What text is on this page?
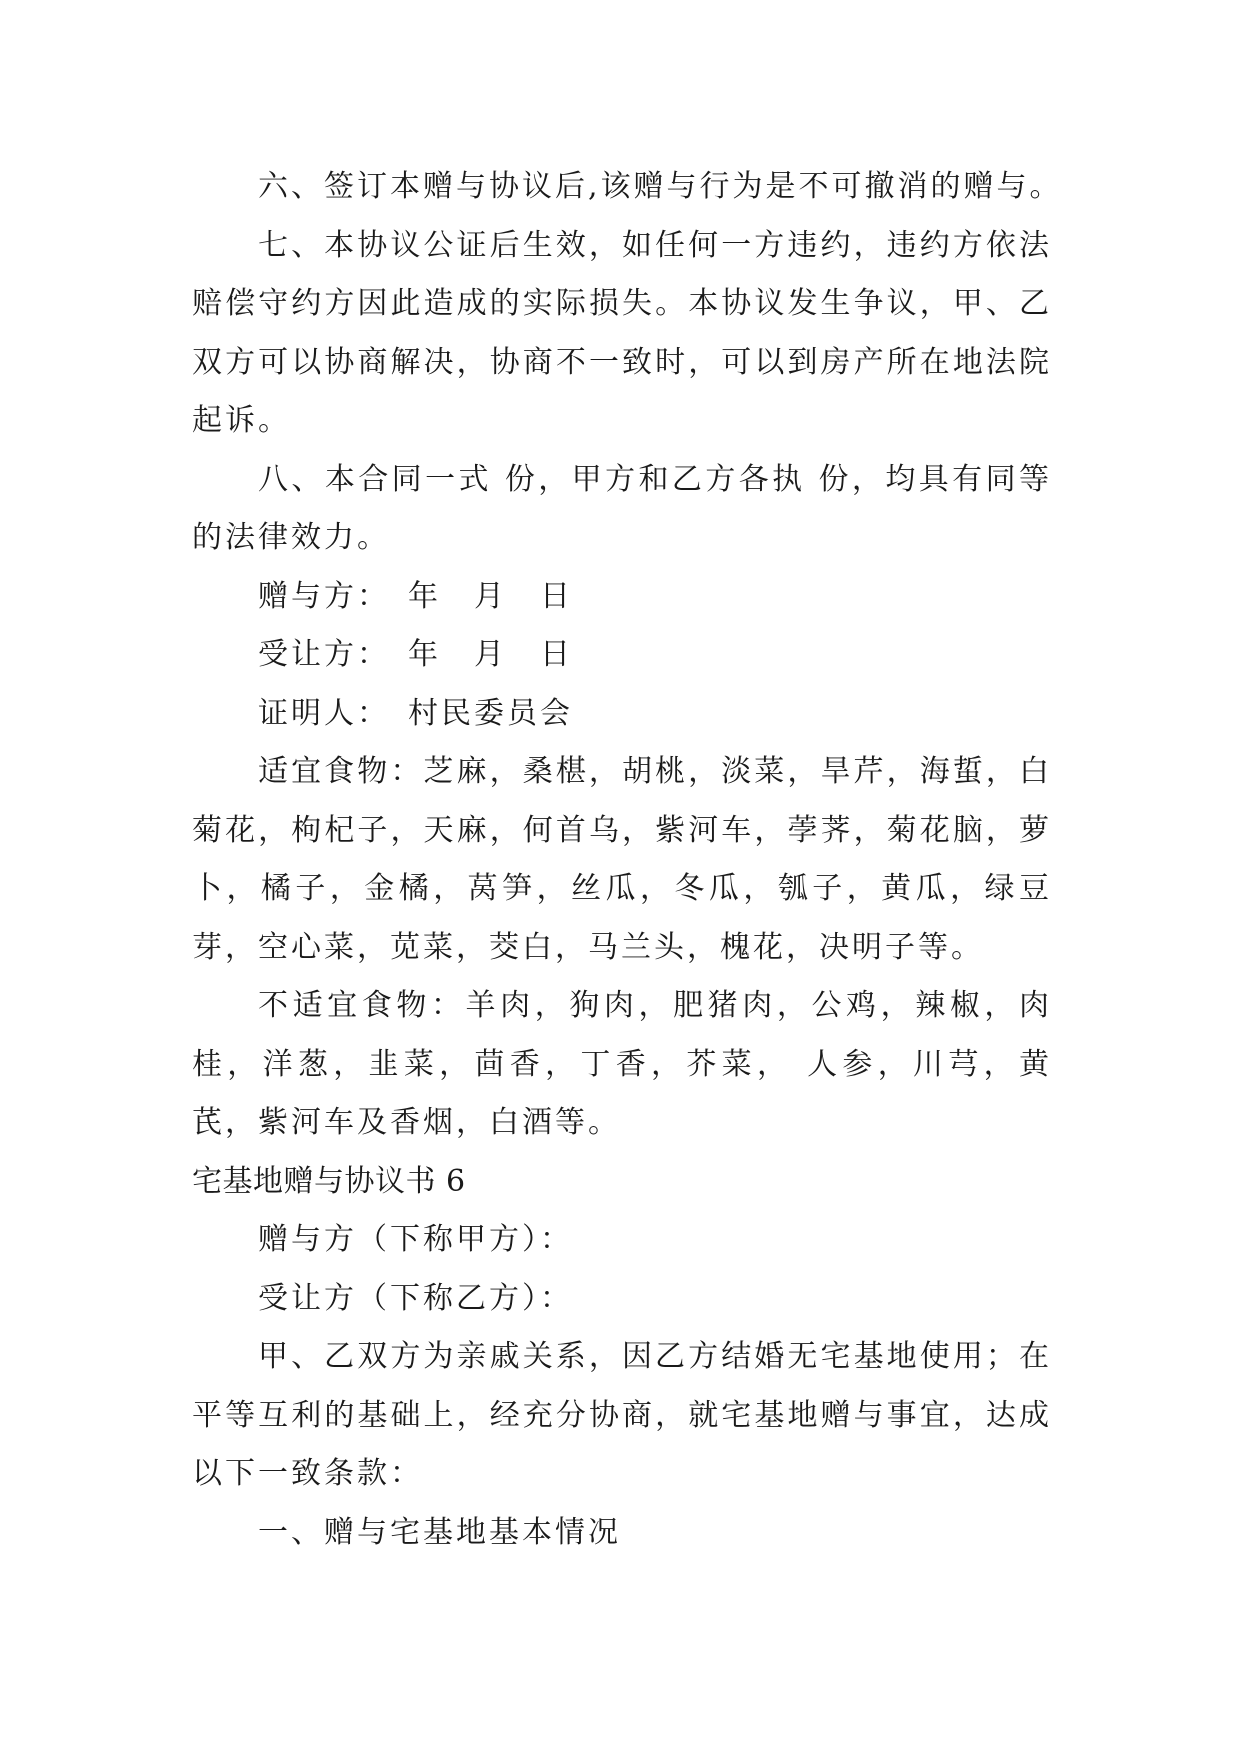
六、签订本赠与协议后,该赠与行为是不可撤消的赠与。

七、本协议公证后生效，如任何一方违约，违约方依法赔偿守约方因此造成的实际损失。本协议发生争议，甲、乙双方可以协商解决，协商不一致时，可以到房产所在地法院起诉。

八、本合同一式 份，甲方和乙方各执 份，均具有同等的法律效力。

赠与方：　年　月　日

受让方：　年　月　日

证明人：　村民委员会

适宜食物：芝麻，桑椹，胡桃，淡菜，旱芹，海蜇，白菊花，枸杞子，天麻，何首乌，紫河车，荸荠，菊花脑，萝卜，橘子，金橘，莴笋，丝瓜，冬瓜，瓠子，黄瓜，绿豆芽，空心菜，苋菜，茭白，马兰头，槐花，决明子等。

不适宜食物：羊肉，狗肉，肥猪肉，公鸡，辣椒，肉桂，洋葱，韭菜，茴香，丁香，芥菜， 人参，川芎，黄芪，紫河车及香烟，白酒等。

宅基地赠与协议书 6

赠与方（下称甲方）：

受让方（下称乙方）：

甲、乙双方为亲戚关系，因乙方结婚无宅基地使用；在平等互利的基础上，经充分协商，就宅基地赠与事宜，达成以下一致条款：

一、赠与宅基地基本情况
